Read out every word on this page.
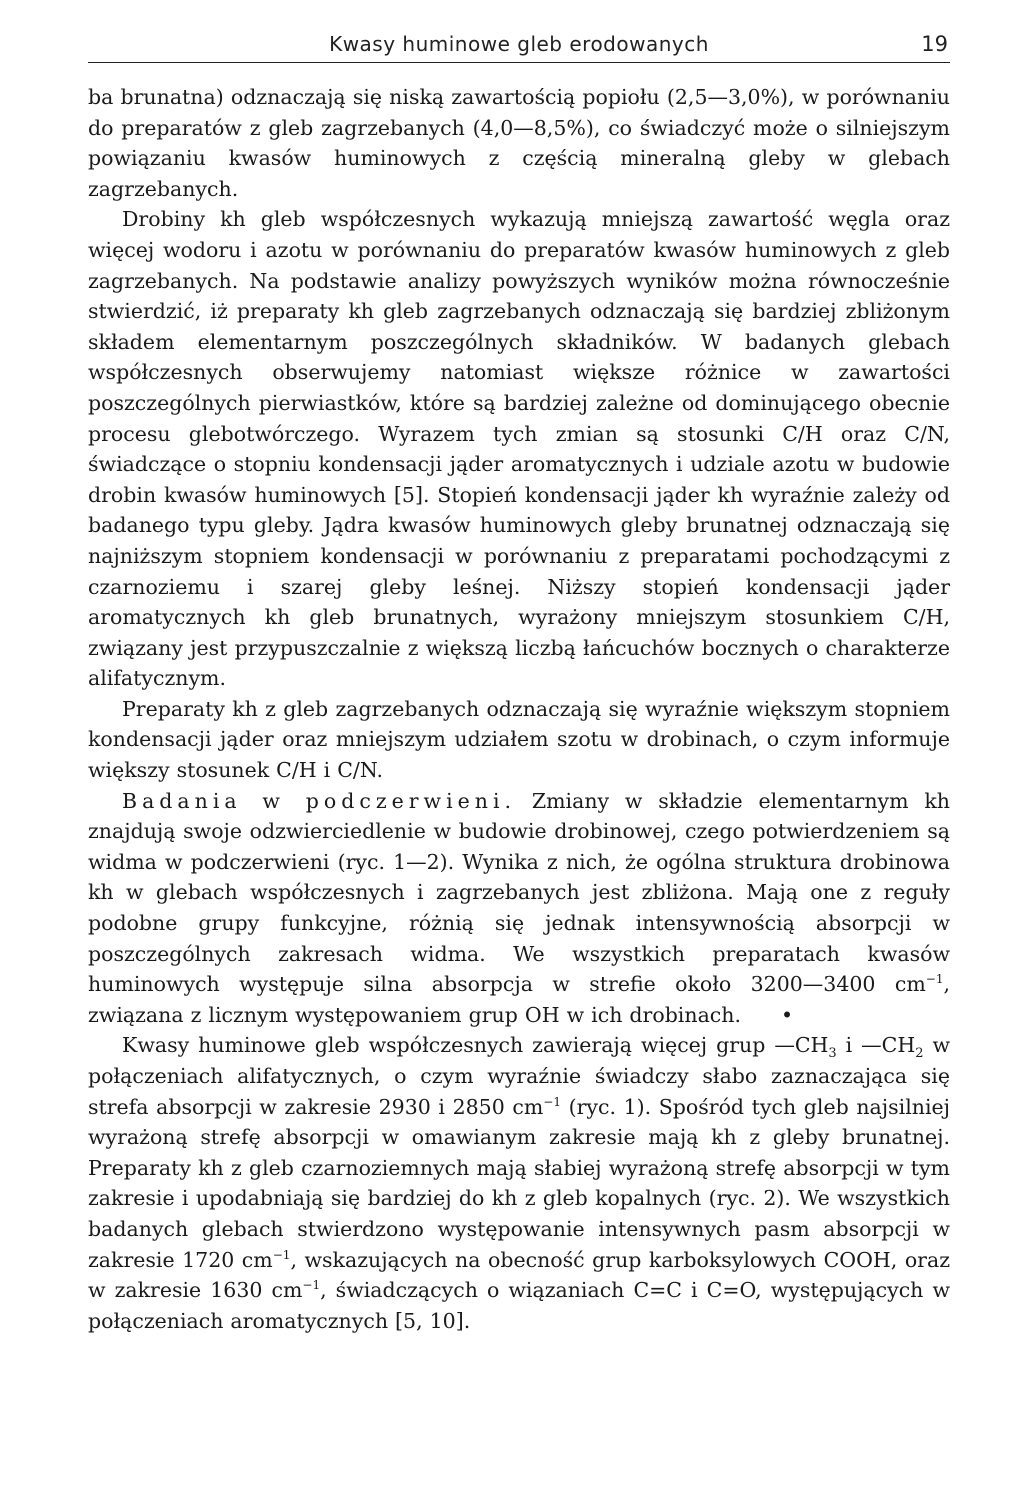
Kwasy huminowe gleb erodowanych	19

ba brunatna) odznaczają się niską zawartością popiołu (2,5—3,0%), w porównaniu do preparatów z gleb zagrzebanych (4,0—8,5%), co świadczyć może o silniejszym powiązaniu kwasów huminowych z częścią mineralną gleby w glebach zagrzebanych.

Drobiny kh gleb współczesnych wykazują mniejszą zawartość węgla oraz więcej wodoru i azotu w porównaniu do preparatów kwasów huminowych z gleb zagrzebanych. Na podstawie analizy powyższych wyników można równocześnie stwierdzić, iż preparaty kh gleb zagrzebanych odznaczają się bardziej zbliżonym składem elementarnym poszczególnych składników. W badanych glebach współczesnych obserwujemy natomiast większe różnice w zawartości poszczególnych pierwiastków, które są bardziej zależne od dominującego obecnie procesu glebotwórczego. Wyrazem tych zmian są stosunki C/H oraz C/N, świadczące o stopniu kondensacji jąder aromatycznych i udziale azotu w budowie drobin kwasów huminowych [5]. Stopień kondensacji jąder kh wyraźnie zależy od badanego typu gleby. Jądra kwasów huminowych gleby brunatnej odznaczają się najniższym stopniem kondensacji w porównaniu z preparatami pochodzącymi z czarnoziemu i szarej gleby leśnej. Niższy stopień kondensacji jąder aromatycznych kh gleb brunatnych, wyrażony mniejszym stosunkiem C/H, związany jest przypuszczalnie z większą liczbą łańcuchów bocznych o charakterze alifatycznym.

Preparaty kh z gleb zagrzebanych odznaczają się wyraźnie większym stopniem kondensacji jąder oraz mniejszym udziałem szotu w drobinach, o czym informuje większy stosunek C/H i C/N.

Badania w podczerwieni. Zmiany w składzie elementarnym kh znajdują swoje odzwierciedlenie w budowie drobinowej, czego potwierdzeniem są widma w podczerwieni (ryc. 1—2). Wynika z nich, że ogólna struktura drobinowa kh w glebach współczesnych i zagrzebanych jest zbliżona. Mają one z reguły podobne grupy funkcyjne, różnią się jednak intensywnością absorpcji w poszczególnych zakresach widma. We wszystkich preparatach kwasów huminowych występuje silna absorpcja w strefie około 3200—3400 $cm^{-1}$, związana z licznym występowaniem grup OH w ich drobinach. •

Kwasy huminowe gleb współczesnych zawierają więcej grup $—CH_3$ i $—CH_2$ w połączeniach alifatycznych, o czym wyraźnie świadczy słabo zaznaczająca się strefa absorpcji w zakresie 2930 i 2850 $cm^{-1}$ (ryc. 1). Spośród tych gleb najsilniej wyrażoną strefę absorpcji w omawianym zakresie mają kh z gleby brunatnej. Preparaty kh z gleb czarnoziemnych mają słabiej wyrażoną strefę absorpcji w tym zakresie i upodabniają się bardziej do kh z gleb kopalnych (ryc. 2). We wszystkich badanych glebach stwierdzono występowanie intensywnych pasm absorpcji w zakresie 1720 $cm^{-1}$, wskazujących na obecność grup karboksylowych COOH, oraz w zakresie 1630 $cm^{-1}$, świadczących o wiązaniach C=C i C=O, występujących w połączeniach aromatycznych [5, 10].
